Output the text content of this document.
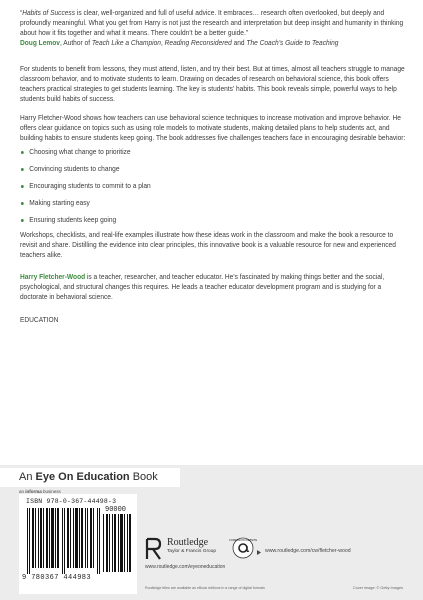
“Habits of Success is clear, well-organized and full of useful advice. It embraces… research often overlooked, but deeply and profoundly meaningful. What you get from Harry is not just the research and interpretation but deep insight and humanity in thinking about how it fits together and what it means. There couldn’t be a better guide.”
Doug Lemov, Author of Teach Like a Champion, Reading Reconsidered and The Coach’s Guide to Teaching

For students to benefit from lessons, they must attend, listen, and try their best. But at times, almost all teachers struggle to manage classroom behavior, and to motivate students to learn. Drawing on decades of research on behavioral science, this book offers teachers practical strategies to get students learning. The key is students’ habits. This book reveals simple, powerful ways to help students build habits of success.

Harry Fletcher-Wood shows how teachers can use behavioral science techniques to increase motivation and improve behavior. He offers clear guidance on topics such as using role models to motivate students, making detailed plans to help students act, and building habits to ensure students keep going. The book addresses five challenges teachers face in encouraging desirable behavior:

Choosing what change to prioritize
Convincing students to change
Encouraging students to commit to a plan
Making starting easy
Ensuring students keep going

Workshops, checklists, and real-life examples illustrate how these ideas work in the classroom and make the book a resource to revisit and share. Distilling the evidence into clear principles, this innovative book is a valuable resource for new and experienced teachers alike.

Harry Fletcher-Wood is a teacher, researcher, and teacher educator. He’s fascinated by making things better and the social, psychological, and structural changes this requires. He leads a teacher educator development program and is studying for a doctorate in behavioral science.

EDUCATION

An Eye On Education Book
an informa business
ISBN 978-0-367-44498-3
90000
9 780367 444983
Routledge
Taylor & Francis Group
www.routledge.com/eyeoneducation
COMPANION WEBSITE
www.routledge.com/cw/fletcher-wood
Routledge titles are available as eBook editions in a range of digital formats	Cover image: © Getty Images
